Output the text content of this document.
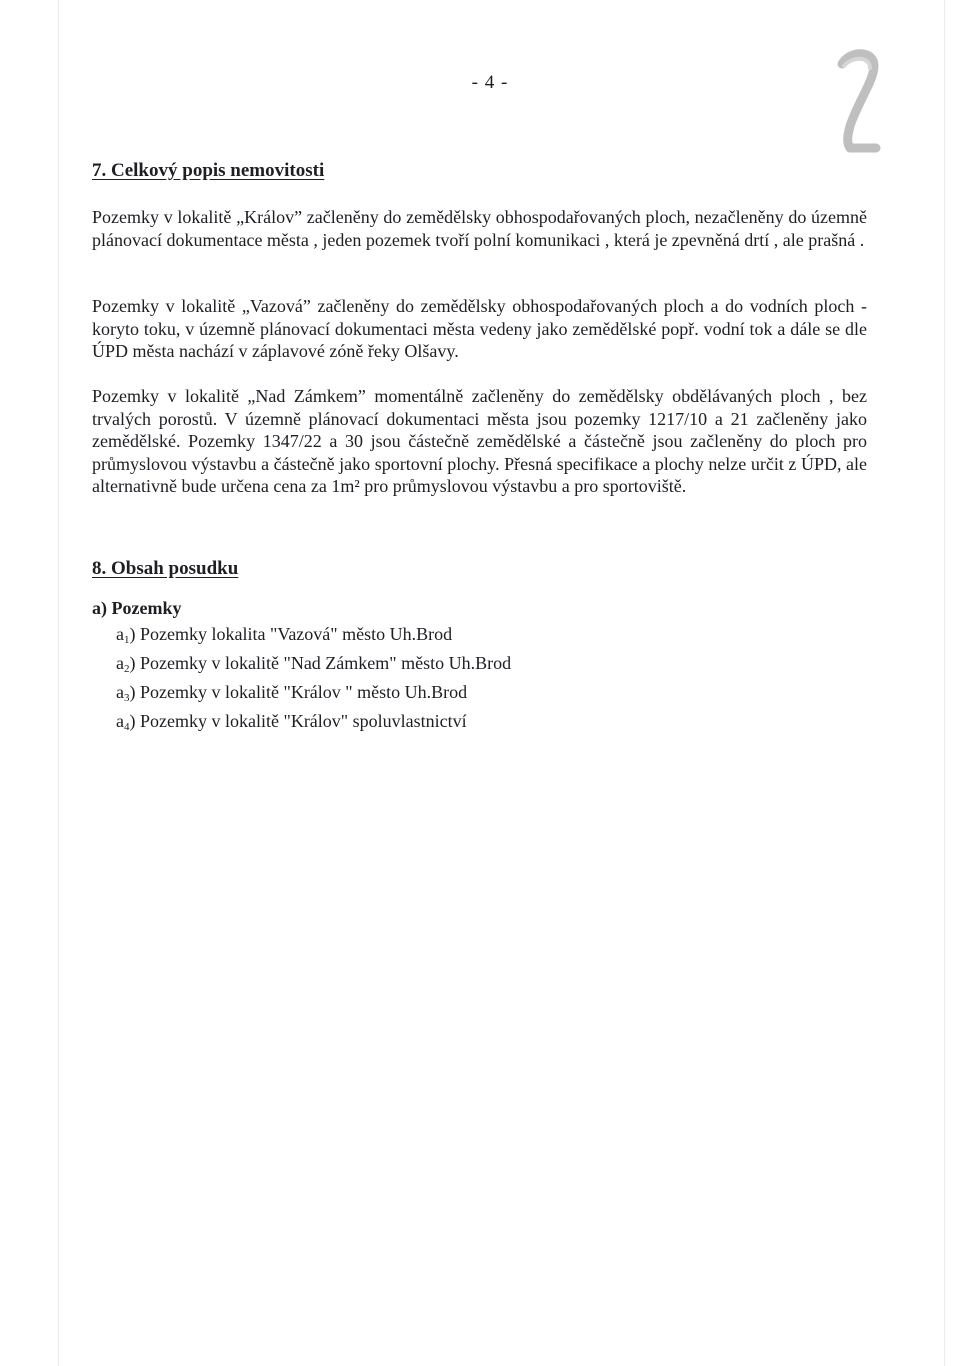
- 4 -
7. Celkový popis nemovitosti

Pozemky v lokalitě „Králov” začleněny do zemědělsky obhospodařovaných ploch, nezačleněny do územně plánovací dokumentace města , jeden pozemek tvoří polní komunikaci , která je zpevněná drtí , ale prašná .

Pozemky v lokalitě „Vazová” začleněny do zemědělsky obhospodařovaných ploch a do vodních ploch - koryto toku, v územně plánovací dokumentaci města vedeny jako zemědělské popř. vodní tok a dále se dle ÚPD města nachází v záplavové zóně řeky Olšavy.

Pozemky v lokalitě „Nad Zámkem” momentálně začleněny do zemědělsky obdělávaných ploch , bez trvalých porostů. V územně plánovací dokumentaci města jsou pozemky 1217/10 a 21 začleněny jako zemědělské. Pozemky 1347/22 a 30 jsou částečně zemědělské a částečně jsou začleněny do ploch pro průmyslovou výstavbu a částečně jako sportovní plochy. Přesná specifikace a plochy nelze určit z ÚPD, ale alternativně bude určena cena za 1m² pro průmyslovou výstavbu a pro sportoviště.

8. Obsah posudku
a) Pozemky
$a_1$) Pozemky lokalita "Vazová" město Uh.Brod
$a_2$) Pozemky v lokalitě "Nad Zámkem" město Uh.Brod
$a_3$) Pozemky v lokalitě "Králov " město Uh.Brod
$a_4$) Pozemky v lokalitě "Králov" spoluvlastnictví
